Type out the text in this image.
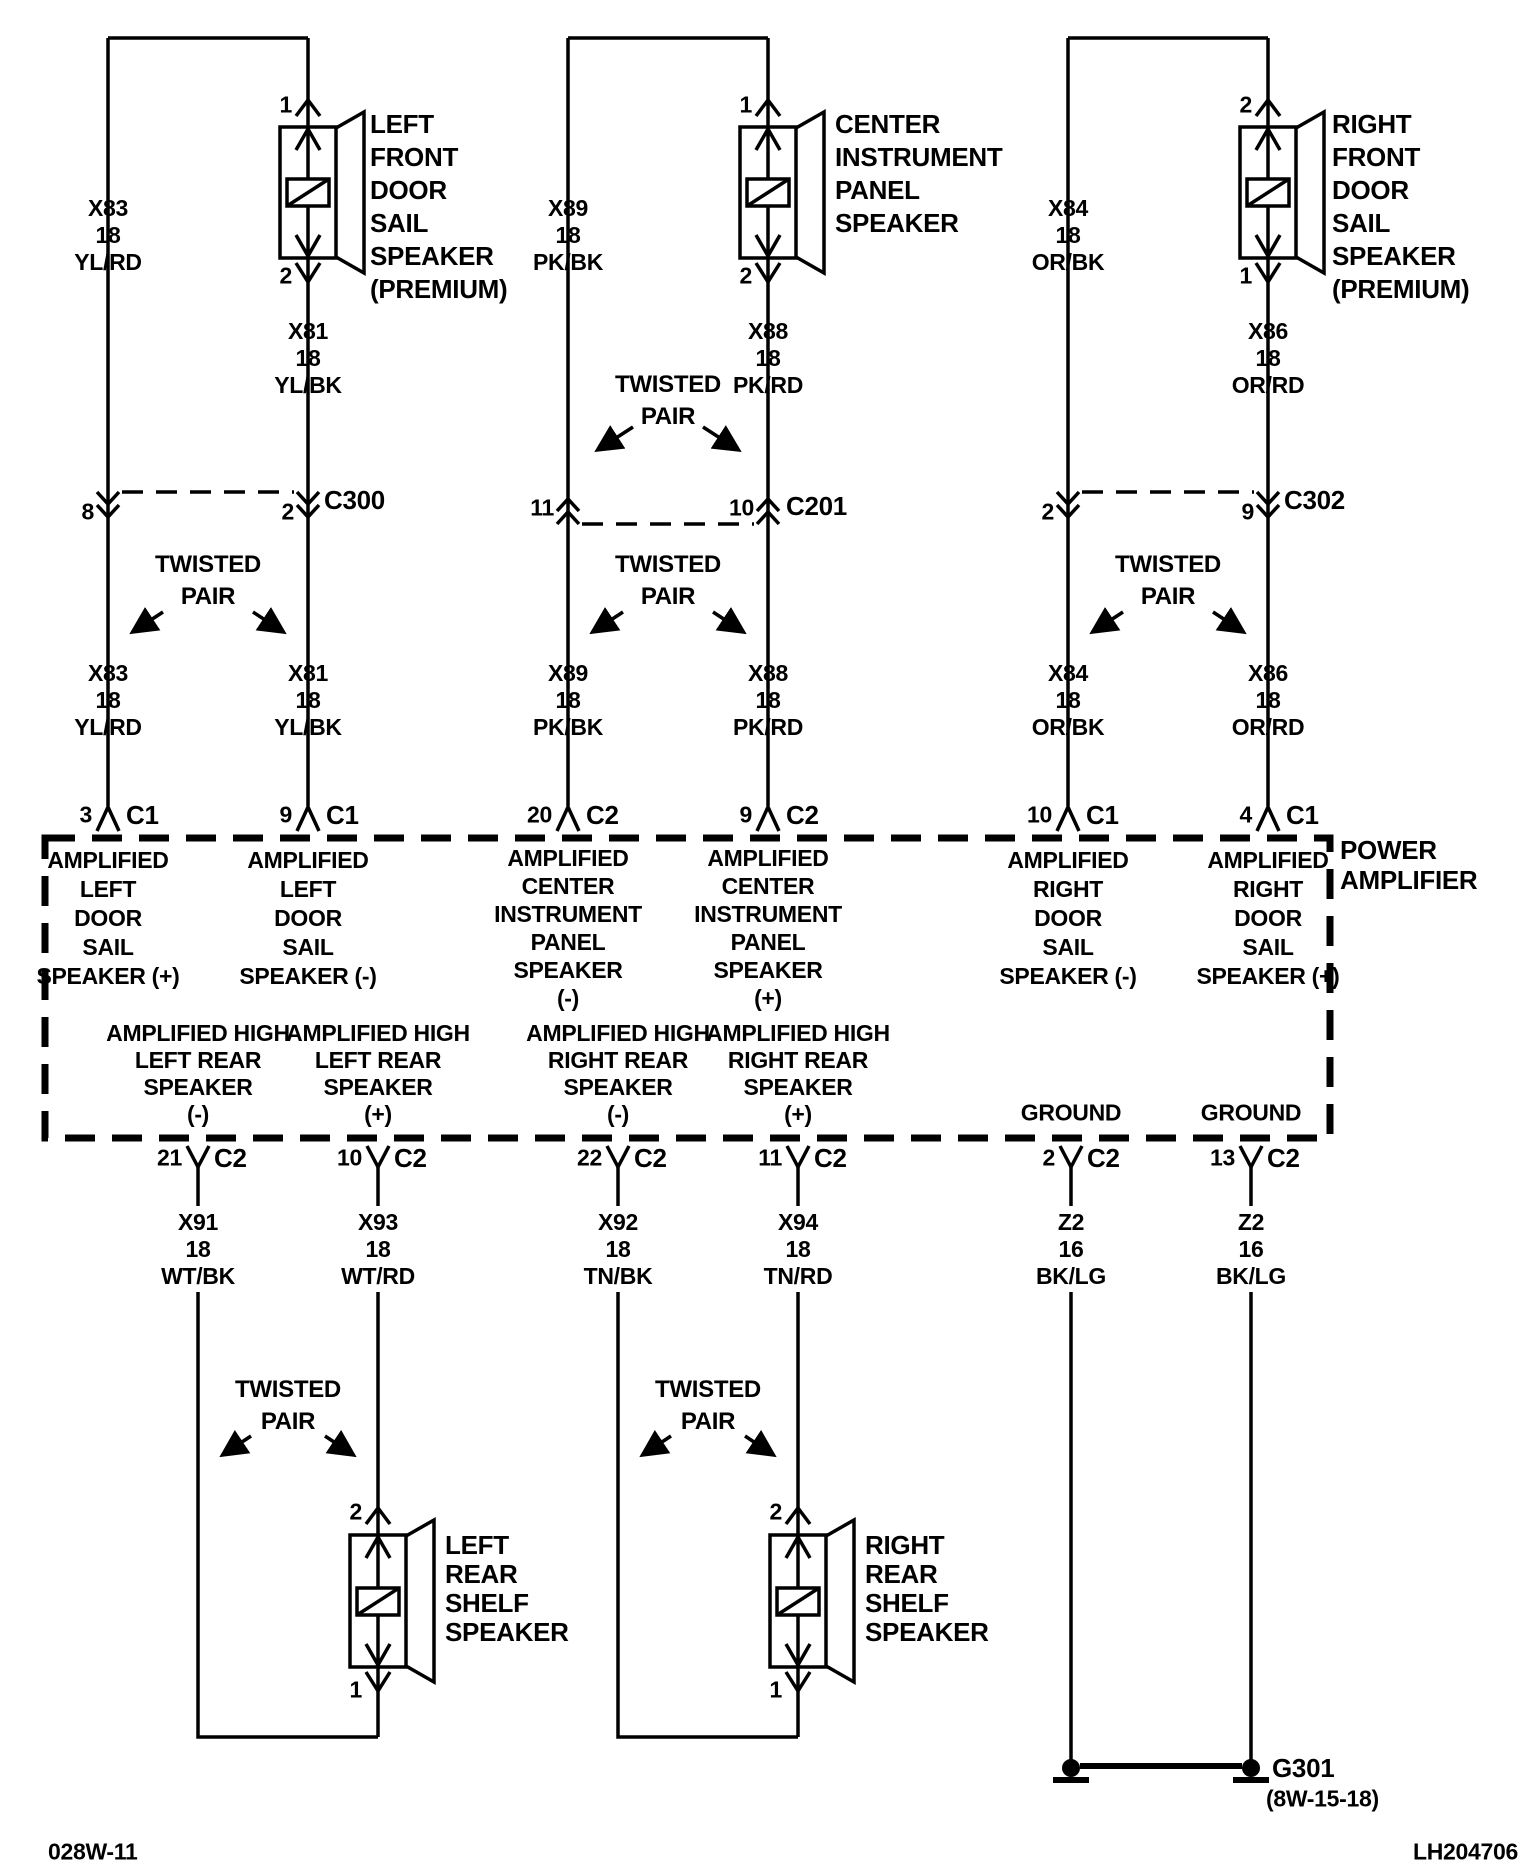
LEFT
FRONT
DOOR
SAIL
SPEAKER
(PREMIUM)
CENTER
INSTRUMENT
PANEL
SPEAKER
RIGHT
FRONT
DOOR
SAIL
SPEAKER
(PREMIUM)
1
2
1
2
2
1
X83
18
YL/RD
X81
18
YL/BK
X89
18
PK/BK
X88
18
PK/RD
X84
18
OR/BK
X86
18
OR/RD
8	2 C300	11	10 C201	2	9 C302
TWISTED
PAIR
TWISTED
PAIR
TWISTED
PAIR
TWISTED
PAIR
TWISTED
PAIR
TWISTED
PAIR
X83
18
YL/RD
X81
18
YL/BK
X89
18
PK/BK
X88
18
PK/RD
X84
18
OR/BK
X86
18
OR/RD
3 C1	9 C1	20 C2	9 C2	10 C1	4 C1
POWER
AMPLIFIER
AMPLIFIED
LEFT
DOOR
SAIL
SPEAKER (+)
AMPLIFIED
LEFT
DOOR
SAIL
SPEAKER (-)
AMPLIFIED
CENTER
INSTRUMENT
PANEL
SPEAKER
(-)
AMPLIFIED
CENTER
INSTRUMENT
PANEL
SPEAKER
(+)
AMPLIFIED
RIGHT
DOOR
SAIL
SPEAKER (-)
AMPLIFIED
RIGHT
DOOR
SAIL
SPEAKER (+)
AMPLIFIED HIGH
LEFT REAR
SPEAKER
(-)
AMPLIFIED HIGH
LEFT REAR
SPEAKER
(+)
AMPLIFIED HIGH
RIGHT REAR
SPEAKER
(-)
AMPLIFIED HIGH
RIGHT REAR
SPEAKER
(+)	GROUND	GROUND
21 C2	10 C2	22 C2	11 C2	2 C2	13 C2
X91
18
WT/BK
X93
18
WT/RD
X92
18
TN/BK
X94
18
TN/RD
Z2
16
BK/LG
Z2
16
BK/LG
2
1
2
1
LEFT
REAR
SHELF
SPEAKER
RIGHT
REAR
SHELF
SPEAKER
G301
(8W-15-18)
028W-11	LH204706
